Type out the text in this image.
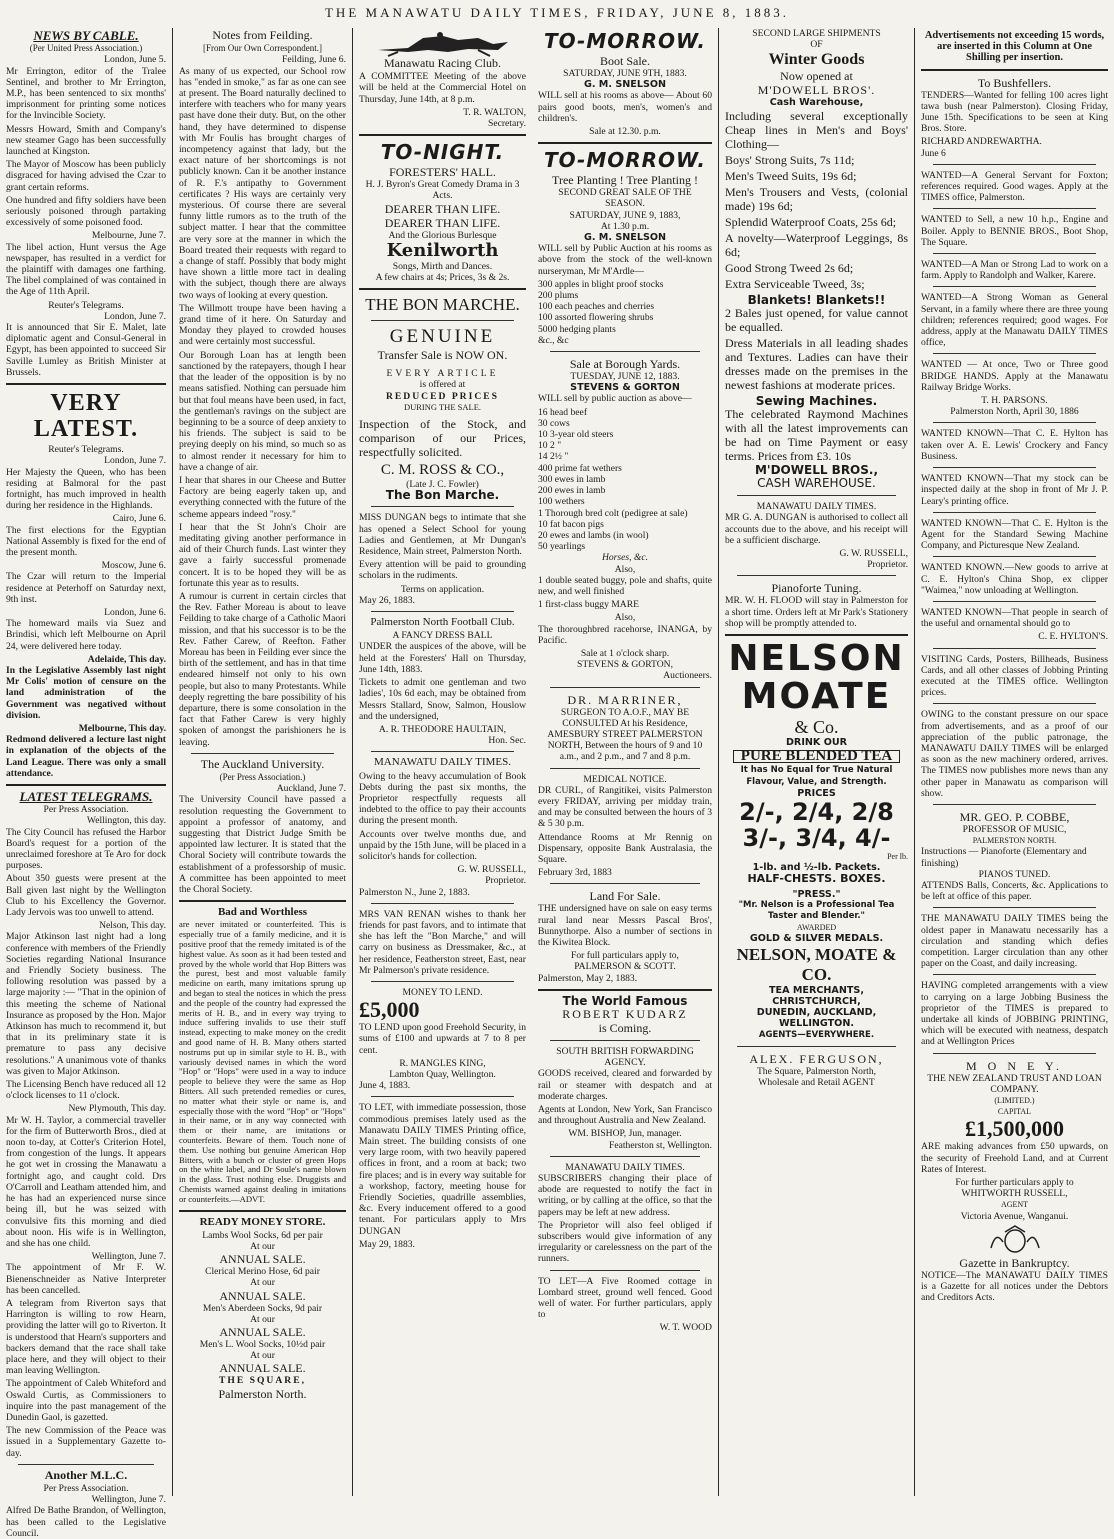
THE MANAWATU DAILY TIMES, FRIDAY, JUNE 8, 1883.
NEWS BY CABLE.
(Per United Press Association.)
London, June 5.

Mr Errington, editor of the Tralee Sentinel, and brother to Mr Errington, M.P., has been sentenced to six months' imprisonment for printing some notices for the Invincible Society.

Messrs Howard, Smith and Company's new steamer Gago has been successfully launched at Kingston.

The Mayor of Moscow has been publicly disgraced for having advised the Czar to grant certain reforms.

One hundred and fifty soldiers have been seriously poisoned through partaking excessively of some poisoned food.

Melbourne, June 7.

The libel action, Hunt versus the Age newspaper, has resulted in a verdict for the plaintiff with damages one farthing. The libel complained of was contained in the Age of 11th April.

Reuter's Telegrams.
London, June 7.

It is announced that Sir E. Malet, late diplomatic agent and Consul-General in Egypt, has been appointed to succeed Sir Saville Lumley as British Minister at Brussels.

VERY LATEST.
Reuter's Telegrams.
London, June 7.

Her Majesty the Queen, who has been residing at Balmoral for the past fortnight, has much improved in health during her residence in the Highlands.

Cairo, June 6.

The first elections for the Egyptian National Assembly is fixed for the end of the present month.

Moscow, June 6.

The Czar will return to the Imperial residence at Peterhoff on Saturday next, 9th inst.

London, June 6.

The homeward mails via Suez and Brindisi, which left Melbourne on April 24, were delivered here today.

Adelaide, This day.

In the Legislative Assembly last night Mr Colis' motion of censure on the land administration of the Government was negatived without division.

Melbourne, This day.

Redmond delivered a lecture last night in explanation of the objects of the Land League. There was only a small attendance.

LATEST TELEGRAMS.
Per Press Association.
Wellington, this day.

The City Council has refused the Harbor Board's request for a portion of the unreclaimed foreshore at Te Aro for dock purposes.

About 350 guests were present at the Ball given last night by the Wellington Club to his Excellency the Governor. Lady Jervois was too unwell to attend.

Nelson, This day.

Major Atkinson last night had a long conference with members of the Friendly Societies regarding National Insurance and Friendly Society business. The following resolution was passed by a large majority :— "That in the opinion of this meeting the scheme of National Insurance as proposed by the Hon. Major Atkinson has much to recommend it, but that in its preliminary state it is premature to pass any decisive resolutions." A unanimous vote of thanks was given to Major Atkinson.

The Licensing Bench have reduced all 12 o'clock licenses to 11 o'clock.

New Plymouth, This day.

Mr W. H. Taylor, a commercial traveller for the firm of Butterworth Bros., died at noon to-day, at Cotter's Criterion Hotel, from congestion of the lungs. It appears he got wet in crossing the Manawatu a fortnight ago, and caught cold. Drs O'Carroll and Leatham attended him, and he has had an experienced nurse since being ill, but he was seized with convulsive fits this morning and died about noon. His wife is in Wellington, and she has one child.

Wellington, June 7.

The appointment of Mr F. W. Bienenschneider as Native Interpreter has been cancelled.

A telegram from Riverton says that Harrington is willing to row Hearn, providing the latter will go to Riverton. It is understood that Hearn's supporters and backers demand that the race shall take place here, and they will object to their man leaving Wellington.

The appointment of Caleb Whiteford and Oswald Curtis, as Commissioners to inquire into the past management of the Dunedin Gaol, is gazetted.

The new Commission of the Peace was issued in a Supplementary Gazette to-day.

Another M.L.C.
Per Press Association.
Wellington, June 7.

Alfred De Bathe Brandon, of Wellington, has been called to the Legislative Council.

Notes from Feilding.
[From Our Own Correspondent.]
Feilding, June 6.

As many of us expected, our School row has "ended in smoke," as far as one can see at present. The Board naturally declined to interfere with teachers who for many years past have done their duty. But, on the other hand, they have determined to dispense with Mr Foulis has brought charges of incompetency against that lady, but the exact nature of her shortcomings is not publicly known. Can it be another instance of R. F.'s antipathy to Government certificates ? His ways are certainly very mysterious. Of course there are several funny little rumors as to the truth of the subject matter. I hear that the committee are very sore at the manner in which the Board treated their requests with regard to a change of staff. Possibly that body might have shown a little more tact in dealing with the subject, though there are always two ways of looking at every question.

The Willmott troupe have been having a grand time of it here. On Saturday and Monday they played to crowded houses and were certainly most successful.

Our Borough Loan has at length been sanctioned by the ratepayers, though I hear that the leader of the opposition is by no means satisfied. Nothing can persuade him but that foul means have been used, in fact, the gentleman's ravings on the subject are beginning to be a source of deep anxiety to his friends. The subject is said to be preying deeply on his mind, so much so as to almost render it necessary for him to have a change of air.

I hear that shares in our Cheese and Butter Factory are being eagerly taken up, and everything connected with the future of the scheme appears indeed "rosy."

I hear that the St John's Choir are meditating giving another performance in aid of their Church funds. Last winter they gave a fairly successful promenade concert. It is to be hoped they will be as fortunate this year as to results.

A rumour is current in certain circles that the Rev. Father Moreau is about to leave Feilding to take charge of a Catholic Maori mission, and that his successor is to be the Rev. Father Carew, of Reefton. Father Moreau has been in Feilding ever since the birth of the settlement, and has in that time endeared himself not only to his own people, but also to many Protestants. While deeply regretting the bare possibility of his departure, there is some consolation in the fact that Father Carew is very highly spoken of amongst the parishioners he is leaving.

The Auckland University.
(Per Press Association.)
Auckland, June 7.

The University Council have passed a resolution requesting the Government to appoint a professor of anatomy, and suggesting that District Judge Smith be appointed law lecturer. It is stated that the Choral Society will contribute towards the establishment of a professorship of music. A committee has been appointed to meet the Choral Society.

Bad and Worthless

are never imitated or counterfeited. This is especially true of a family medicine, and it is positive proof that the remedy imitated is of the highest value. As soon as it had been tested and proved by the whole world that Hop Bitters was the purest, best and most valuable family medicine on earth, many imitations sprung up and began to steal the notices in which the press and the people of the country had expressed the merits of H. B., and in every way trying to induce suffering invalids to use their stuff instead, expecting to make money on the credit and good name of H. B. Many others started nostrums put up in similar style to H. B., with variously devised names in which the word "Hop" or "Hops" were used in a way to induce people to believe they were the same as Hop Bitters. All such pretended remedies or cures, no matter what their style or name is, and especially those with the word "Hop" or "Hops" in their name, or in any way connected with them or their name, are imitations or counterfeits. Beware of them. Touch none of them. Use nothing but genuine American Hop Bitters, with a bunch or cluster of green Hops on the white label, and Dr Soule's name blown in the glass. Trust nothing else. Druggists and Chemists warned against dealing in imitations or counterfeits.—ADVT.

READY MONEY STORE.
Lambs Wool Socks, 6d per pair
At our
ANNUAL SALE.
Clerical Merino Hose, 6d pair
At our
ANNUAL SALE.
Men's Aberdeen Socks, 9d pair
At our
ANNUAL SALE.
Men's L. Wool Socks, 10½d pair
At our
ANNUAL SALE.
THE SQUARE,
Palmerston North.
Manawatu Racing Club.

A COMMITTEE Meeting of the above will be held at the Commercial Hotel on Thursday, June 14th, at 8 p.m.

T. R. WALTON,
Secretary.
TO-NIGHT.
FORESTERS' HALL.
H. J. Byron's Great Comedy Drama in 3 Acts.
DEARER THAN LIFE.
DEARER THAN LIFE.
And the Glorious Burlesque
Kenilworth
Songs, Mirth and Dances.
A few chairs at 4s; Prices, 3s & 2s.
THE BON MARCHE.
GENUINE
Transfer Sale is NOW ON.
EVERY ARTICLE
is offered at
REDUCED PRICES
DURING THE SALE.

Inspection of the Stock, and comparison of our Prices, respectfully solicited.

C. M. ROSS & CO.,
(Late J. C. Fowler)
The Bon Marche.

MISS DUNGAN begs to intimate that she has opened a Select School for young Ladies and Gentlemen, at Mr Dungan's Residence, Main street, Palmerston North.

Every attention will be paid to grounding scholars in the rudiments.

Terms on application.
May 26, 1883.
Palmerston North Football Club.
A FANCY DRESS BALL

UNDER the auspices of the above, will be held at the Foresters' Hall on Thursday, June 14th, 1883.

Tickets to admit one gentleman and two ladies', 10s 6d each, may be obtained from Messrs Stallard, Snow, Salmon, Houslow and the undersigned,

A. R. THEODORE HAULTAIN,
Hon. Sec.
MANAWATU DAILY TIMES.

Owing to the heavy accumulation of Book Debts during the past six months, the Proprietor respectfully requests all indebted to the office to pay their accounts during the present month.

Accounts over twelve months due, and unpaid by the 15th June, will be placed in a solicitor's hands for collection.

G. W. RUSSELL,
Proprietor.
Palmerston N., June 2, 1883.

MRS VAN RENAN wishes to thank her friends for past favors, and to intimate that she has left the "Bon Marche," and will carry on business as Dressmaker, &c., at her residence, Featherston street, East, near Mr Palmerson's private residence.

MONEY TO LEND.
£5,000

TO LEND upon good Freehold Security, in sums of £100 and upwards at 7 to 8 per cent.

R. MANGLES KING,
Lambton Quay, Wellington.
June 4, 1883.

TO LET, with immediate possession, those commodious premises lately used as the Manawatu DAILY TIMES Printing office, Main street. The building consists of one very large room, with two heavily papered offices in front, and a room at back; two fire places; and is in every way suitable for a workshop, factory, meeting house for Friendly Societies, quadrille assemblies, &c. Every inducement offered to a good tenant. For particulars apply to Mrs DUNGAN

May 29, 1883.
Advertisements not exceeding 15 words, are inserted in this Column at One Shilling per insertion.
To Bushfellers.

TENDERS—Wanted for felling 100 acres light tawa bush (near Palmerston). Closing Friday, June 15th. Specifications to be seen at King Bros. Store.

RICHARD ANDREWARTHA.
June 6

WANTED—A General Servant for Foxton; references required. Good wages. Apply at the TIMES office, Palmerston.

WANTED to Sell, a new 10 h.p., Engine and Boiler. Apply to BENNIE BROS., Boot Shop, The Square.

WANTED—A Man or Strong Lad to work on a farm. Apply to Randolph and Walker, Karere.

WANTED—A Strong Woman as General Servant, in a family where there are three young children; references required; good wages. For address, apply at the Manawatu DAILY TIMES office,

WANTED — At once, Two or Three good BRIDGE HANDS. Apply at the Manawatu Railway Bridge Works.

T. H. PARSONS.
Palmerston North, April 30, 1886

WANTED KNOWN—That C. E. Hylton has taken over A. E. Lewis' Crockery and Fancy Business.

WANTED KNOWN—That my stock can be inspected daily at the shop in front of Mr J. P. Leary's printing office.

WANTED KNOWN—That C. E. Hylton is the Agent for the Standard Sewing Machine Company, and Picturesque New Zealand.

WANTED KNOWN.—New goods to arrive at C. E. Hylton's China Shop, ex clipper "Waimea," now unloading at Wellington.

WANTED KNOWN—That people in search of the useful and ornamental should go to

C. E. HYLTON'S.

VISITING Cards, Posters, Billheads, Business Cards, and all other classes of Jobbing Printing executed at the TIMES office. Wellington prices.

OWING to the constant pressure on our space from advertisements, and as a proof of our appreciation of the public patronage, the MANAWATU DAILY TIMES will be enlarged as soon as the new machinery ordered, arrives. The TIMES now publishes more news than any other paper in Manawatu as comparison will show.

MR. GEO. P. COBBE,
PROFESSOR OF MUSIC,
PALMERSTON NORTH.
Instructions — Pianoforte (Elementary and finishing)
PIANOS TUNED.

ATTENDS Balls, Concerts, &c. Applications to be left at office of this paper.

THE MANAWATU DAILY TIMES being the oldest paper in Manawatu necessarily has a circulation and standing which defies competition. Larger circulation than any other paper on the Coast, and daily increasing.

HAVING completed arrangements with a view to carrying on a large Jobbing Business the proprietor of the TIMES is prepared to undertake all kinds of JOBBING PRINTING, which will be executed with neatness, despatch and at Wellington Prices

M O N E Y.
THE NEW ZEALAND TRUST AND LOAN COMPANY.
(LIMITED.)
CAPITAL
£1,500,000

ARE making advances from £50 upwards, on the security of Freehold Land, and at Current Rates of Interest.

For further particulars apply to
WHITWORTH RUSSELL,
AGENT
Victoria Avenue, Wanganui.
Gazette in Bankruptcy.

NOTICE—The MANAWATU DAILY TIMES is a Gazette for all notices under the Debtors and Creditors Acts.

TO-MORROW.
Boot Sale.
SATURDAY, JUNE 9TH, 1883.
G. M. SNELSON

WILL sell at his rooms as above— About 60 pairs good boots, men's, women's and children's.

Sale at 12.30. p.m.
TO-MORROW.
Tree Planting ! Tree Planting !
SECOND GREAT SALE OF THE SEASON.
SATURDAY, JUNE 9, 1883,
At 1.30 p.m.
G. M. SNELSON

WILL sell by Public Auction at his rooms as above from the stock of the well-known nurseryman, Mr M'Ardle—

300 apples in blight proof stocks
200 plums
100 each peaches and cherries
100 assorted flowering shrubs
5000 hedging plants
&c., &c
Sale at Borough Yards.
TUESDAY, JUNE 12, 1883.
STEVENS & GORTON

WILL sell by public auction as above—

16 head beef
30 cows
10 3-year old steers
10 2 "
14 2½ "
400 prime fat wethers
300 ewes in lamb
200 ewes in lamb
100 wethers
1 Thorough bred colt (pedigree at sale)
10 fat bacon pigs
20 ewes and lambs (in wool)
50 yearlings
Horses, &c.
Also,

1 double seated buggy, pole and shafts, quite new, and well finished

1 first-class buggy MARE

Also,

The thoroughbred racehorse, INANGA, by Pacific.

Sale at 1 o'clock sharp.
STEVENS & GORTON,
Auctioneers.
DR. MARRINER,

SURGEON TO A.O.F., MAY BE CONSULTED At his Residence, AMESBURY STREET PALMERSTON NORTH, Between the hours of 9 and 10 a.m., and 2 p.m., and 7 and 8 p.m.

MEDICAL NOTICE.

DR CURL, of Rangitikei, visits Palmerston every FRIDAY, arriving per midday train, and may be consulted between the hours of 3 & 5 30 p.m.

Attendance Rooms at Mr Rennig on Dispensary, opposite Bank Australasia, the Square.

February 3rd, 1883
Land For Sale.

THE undersigned have on sale on easy terms rural land near Messrs Pascal Bros', Bunnythorpe. Also a number of sections in the Kiwitea Block.

For full particulars apply to,
PALMERSON & SCOTT.
Palmerston, May 2, 1883.
The World Famous
ROBERT KUDARZ
is Coming.
SOUTH BRITISH FORWARDING AGENCY.

GOODS received, cleared and forwarded by rail or steamer with despatch and at moderate charges.

Agents at London, New York, San Francisco and throughout Australia and New Zealand.

WM. BISHOP, Jun, manager.
Featherston st, Wellington.
MANAWATU DAILY TIMES.

SUBSCRIBERS changing their place of abode are requested to notify the fact in writing, or by calling at the office, so that the papers may be left at new address.

The Proprietor will also feel obliged if subscribers would give information of any irregularity or carelessness on the part of the runners.

TO LET—A Five Roomed cottage in Lombard street, ground well fenced. Good well of water. For further particulars, apply to

W. T. WOOD
SECOND LARGE SHIPMENTS
OF
Winter Goods
Now opened at
M'DOWELL BROS'.
Cash Warehouse,

Including several exceptionally Cheap lines in Men's and Boys' Clothing—

Boys' Strong Suits, 7s 11d;

Men's Tweed Suits, 19s 6d;

Men's Trousers and Vests, (colonial made) 19s 6d;

Splendid Waterproof Coats, 25s 6d;

A novelty—Waterproof Leggings, 8s 6d;

Good Strong Tweed 2s 6d;

Extra Serviceable Tweed, 3s;

Blankets! Blankets!!

2 Bales just opened, for value cannot be equalled.

Dress Materials in all leading shades and Textures. Ladies can have their dresses made on the premises in the newest fashions at moderate prices.

Sewing Machines.

The celebrated Raymond Machines with all the latest improvements can be had on Time Payment or easy terms. Prices from £3. 10s

M'DOWELL BROS.,
CASH WAREHOUSE.
MANAWATU DAILY TIMES.

MR G. A. DUNGAN is authorised to collect all accounts due to the above, and his receipt will be a sufficient discharge.

G. W. RUSSELL,
Proprietor.
Pianoforte Tuning.

MR. W. H. FLOOD will stay in Palmerston for a short time. Orders left at Mr Park's Stationery shop will be promptly attended to.

NELSON
MOATE
& Co.
DRINK OUR
PURE BLENDED TEA
It has No Equal for True Natural Flavour, Value, and Strength.
PRICES
2/-, 2/4, 2/8
3/-, 3/4, 4/-
Per lb.
1-lb. and ½-lb. Packets.
HALF-CHESTS. BOXES.
"PRESS."
"Mr. Nelson is a Professional Tea Taster and Blender."
AWARDED
GOLD & SILVER MEDALS.
NELSON, MOATE & CO.
TEA MERCHANTS,
CHRISTCHURCH,
DUNEDIN, AUCKLAND,
WELLINGTON.
AGENTS—EVERYWHERE.
ALEX. FERGUSON,
The Square, Palmerston North,
Wholesale and Retail AGENT
